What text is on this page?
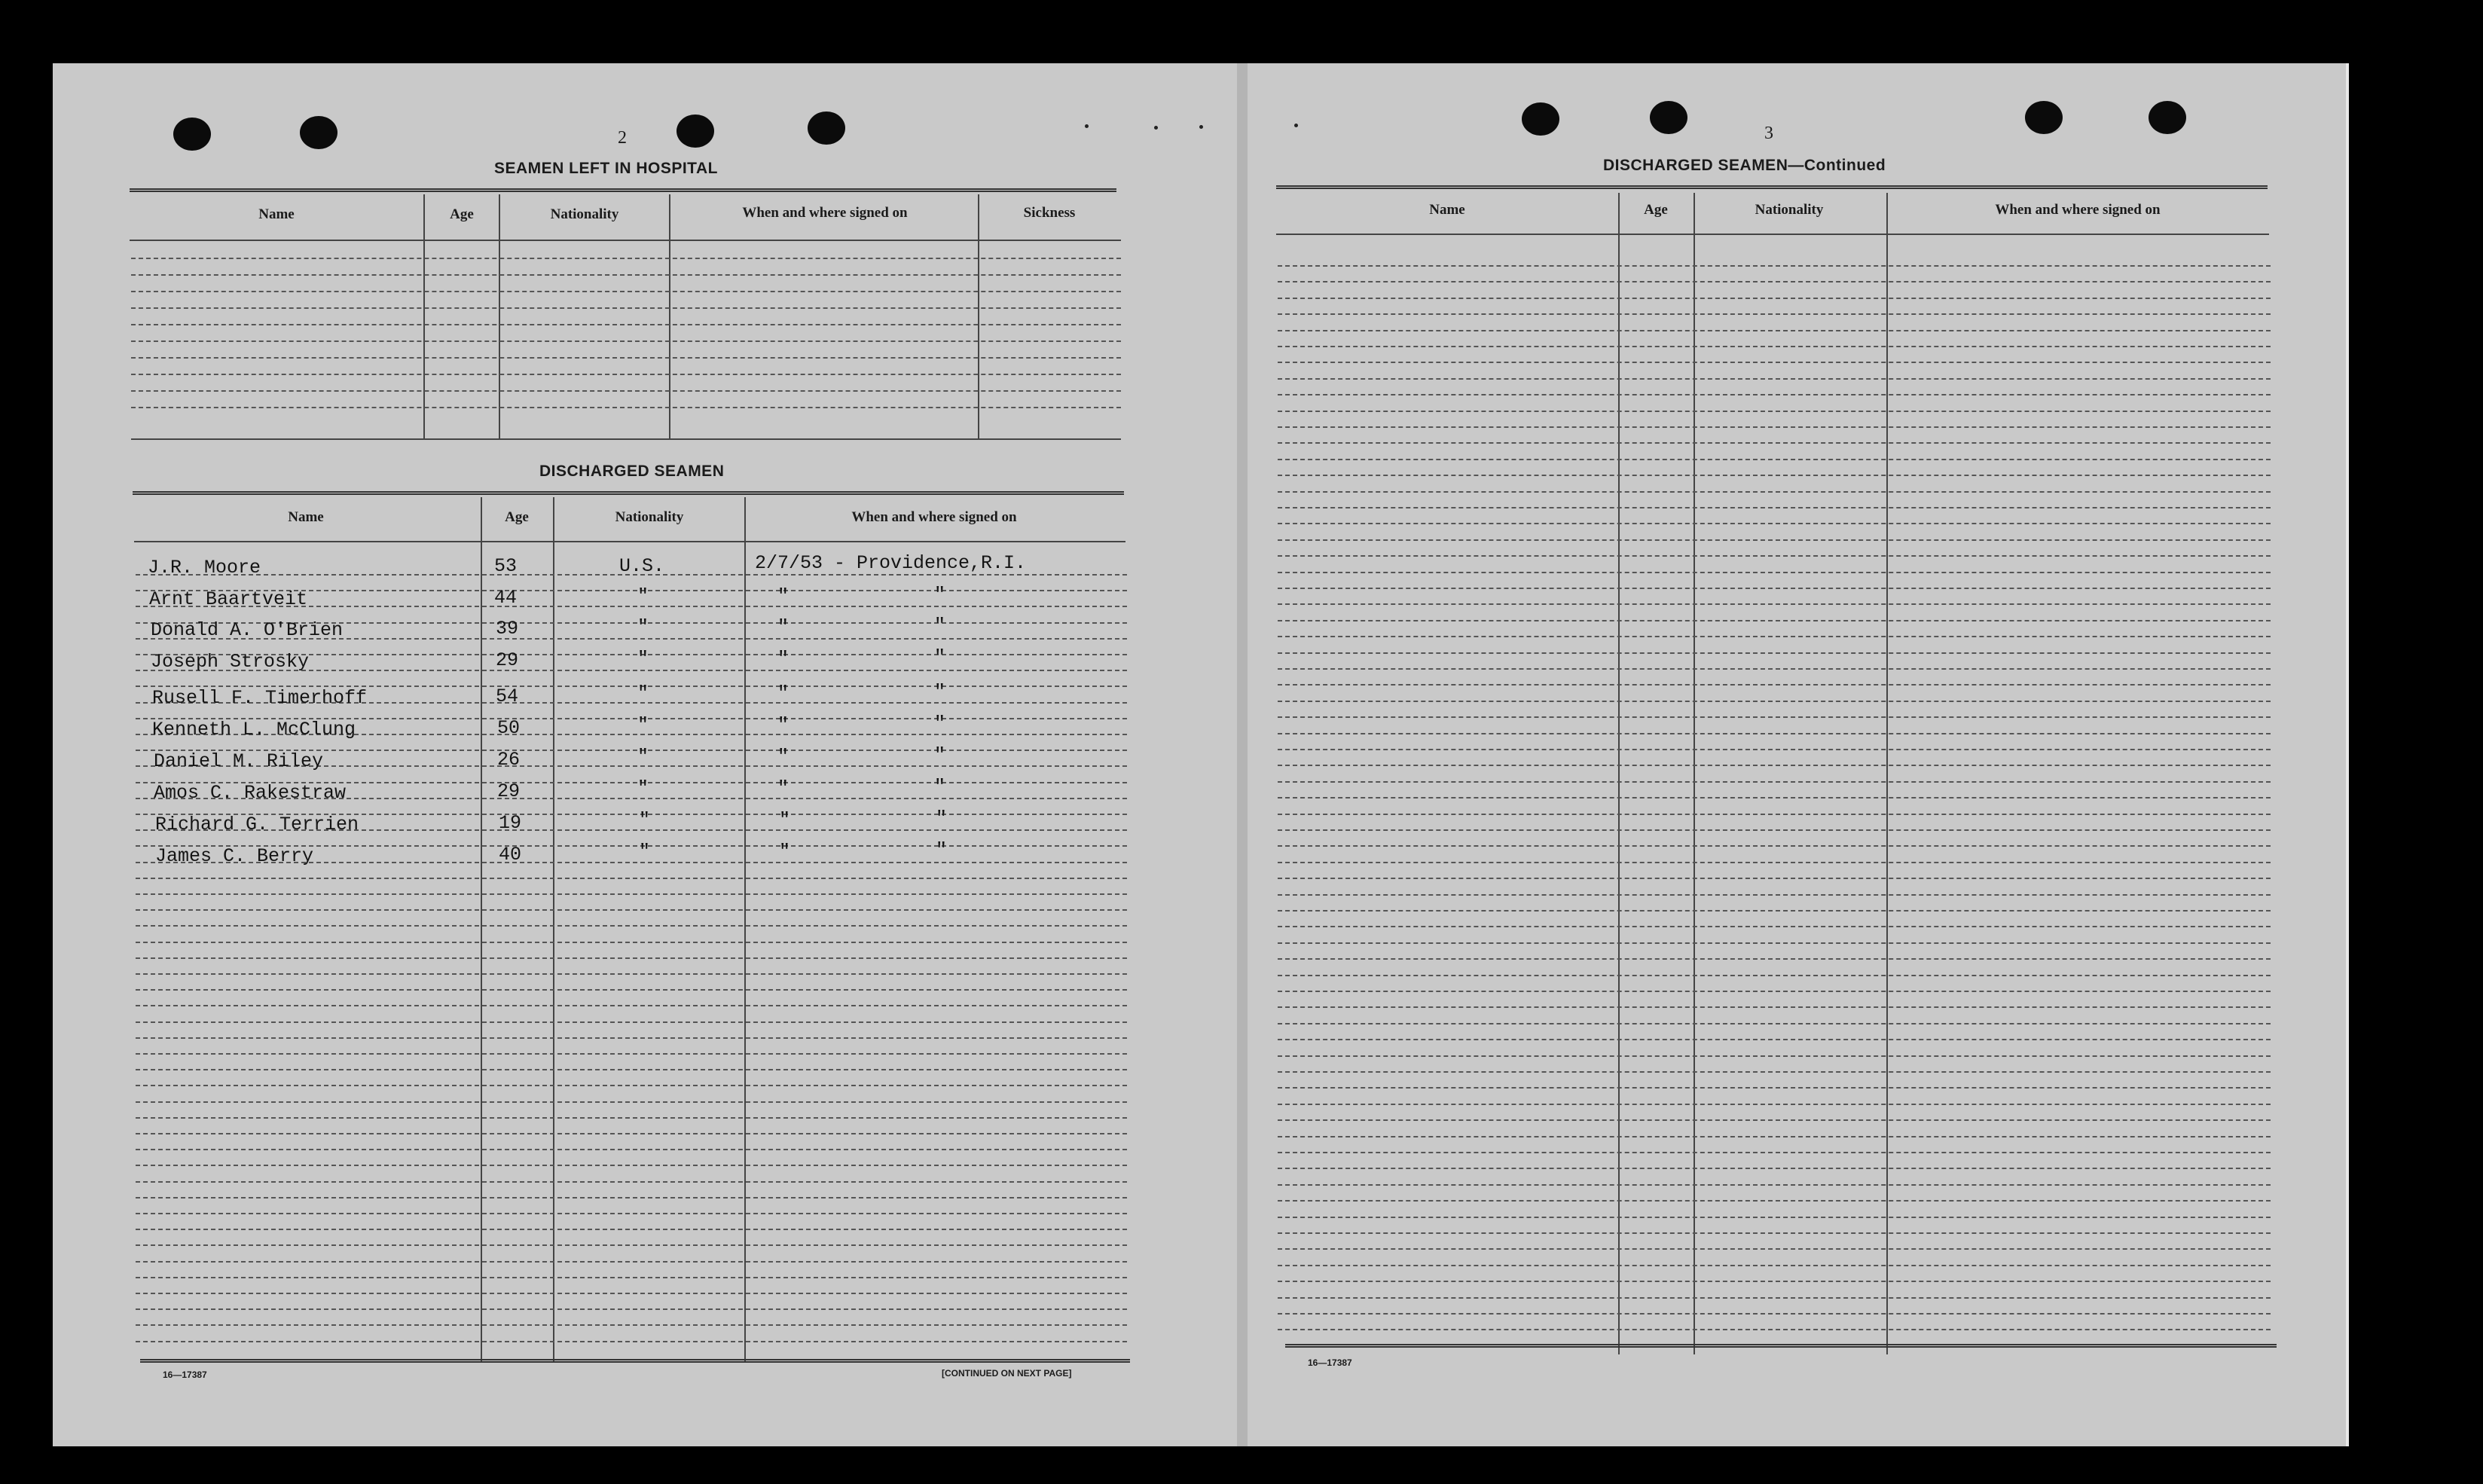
2
SEAMEN LEFT IN HOSPITAL
Name	Age	Nationality	When and where signed on	Sickness
DISCHARGED SEAMEN
Name	Age	Nationality	When and where signed on
J.R. Moore	53	U.S.	2/7/53 - Providence,R.I.
Arnt Baartveit	44	"	"	"
Donald A. O'Brien	39	"	"	"
Joseph Strosky	29	"	"	"
Rusell F. Timerhoff	54	"	"	"
Kenneth L. McClung	50	"	"	"
Daniel M. Riley	26	"	"	"
Amos C. Rakestraw	29	"	"	"
Richard G. Terrien	19	"	"	"
James C. Berry	40	"	"	"
16—17387	[CONTINUED ON NEXT PAGE]
3
DISCHARGED SEAMEN—Continued
Name	Age	Nationality	When and where signed on
16—17387
